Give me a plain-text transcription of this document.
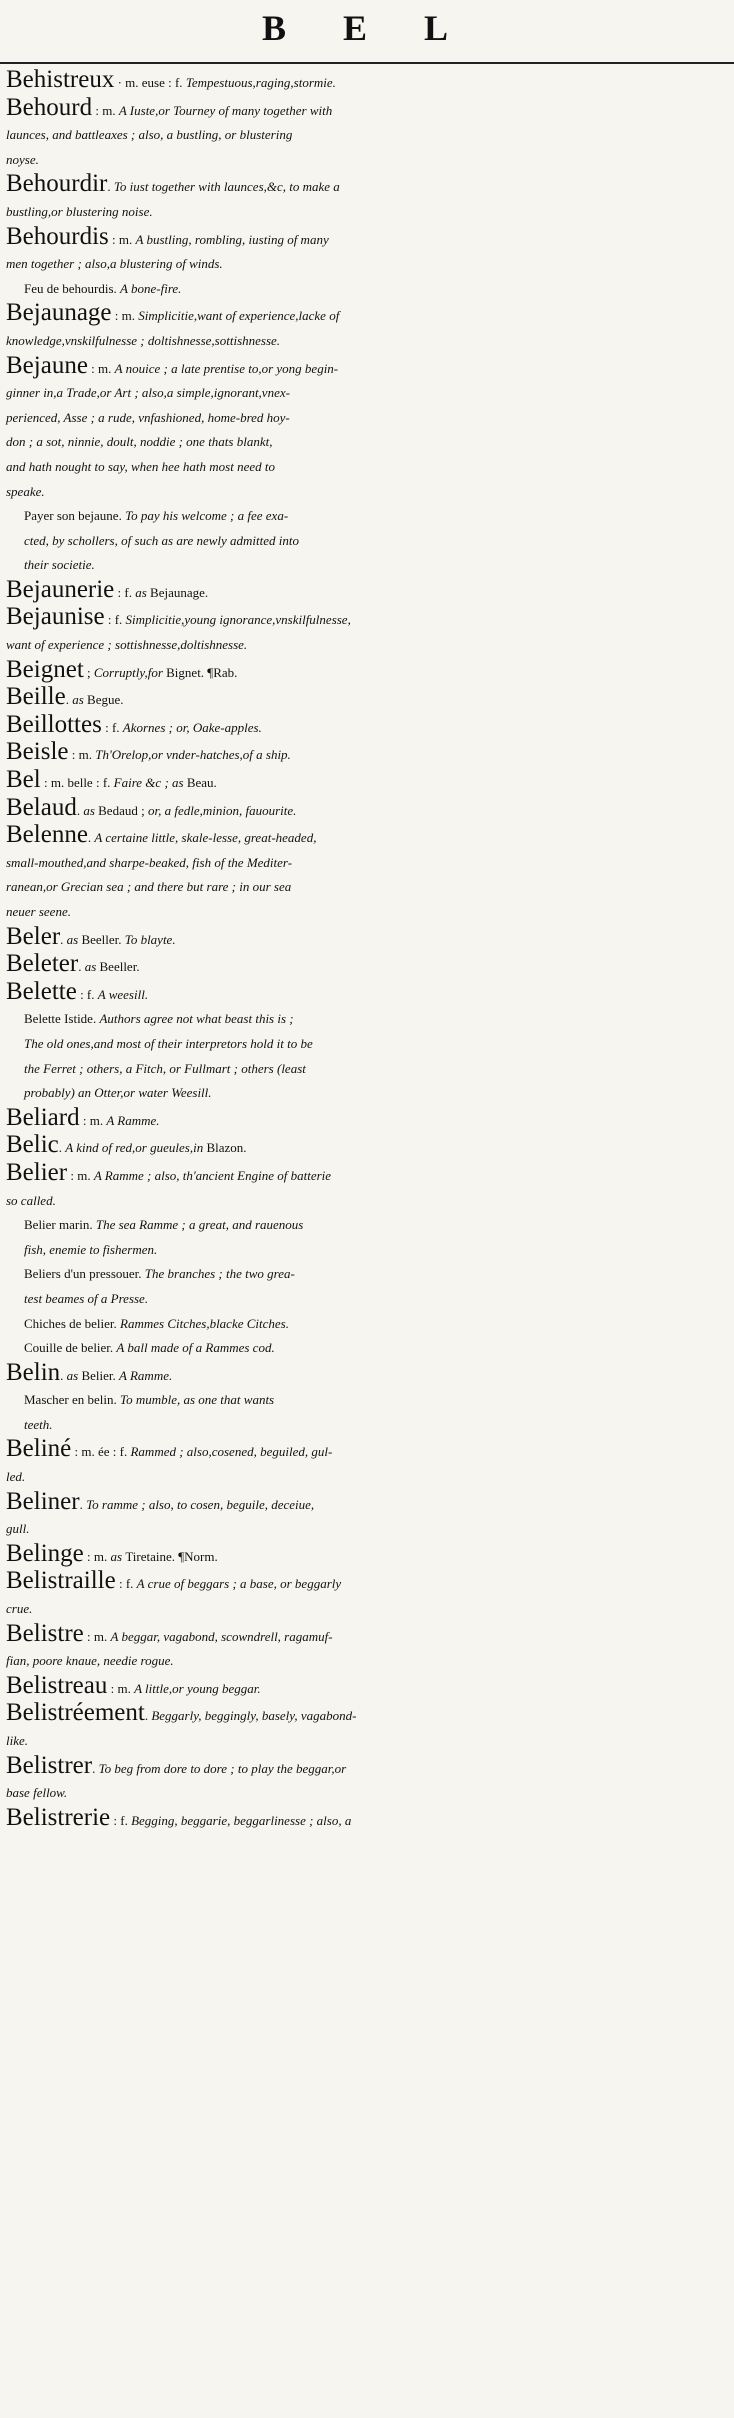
B E L
Behistreux · m. euse : f. Tempestuous,raging,stormie.
Behourd : m. A Iuste,or Tourney of many together with
launces, and battleaxes ; also, a bustling, or blustering
noyse.
Behourdir. To iust together with launces,&c, to make a
bustling,or blustering noise.
Behourdis : m. A bustling, rombling, iusting of many
men together ; also,a blustering of winds.
Feu de behourdis. A bone-fire.
Bejaunage : m. Simplicitie,want of experience,lacke of
knowledge,vnskilfulnesse ; doltishnesse,sottishnesse.
Bejaune : m. A nouice ; a late prentise to,or yong begin-
ginner in,a Trade,or Art ; also,a simple,ignorant,vnex-
perienced, Asse ; a rude, vnfashioned, home-bred hoy-
don ; a sot, ninnie, doult, noddie ; one thats blankt,
and hath nought to say, when hee hath most need to
speake.
Payer son bejaune. To pay his welcome ; a fee exa-
cted, by schollers, of such as are newly admitted into
their societie.
Bejaunerie : f. as Bejaunage.
Bejaunise : f. Simplicitie,young ignorance,vnskilfulnesse,
want of experience ; sottishnesse,doltishnesse.
Beignet ; Corruptly,for Bignet. ¶Rab.
Beille. as Begue.
Beillottes : f. Akornes ; or, Oake-apples.
Beisle : m. Th'Orelop,or vnder-hatches,of a ship.
Bel : m. belle : f. Faire &c ; as Beau.
Belaud. as Bedaud ; or, a fedle,minion, fauourite.
Belenne. A certaine little, skale-lesse, great-headed,
small-mouthed,and sharpe-beaked, fish of the Mediter-
ranean,or Grecian sea ; and there but rare ; in our sea
neuer seene.
Beler. as Beeller. To blayte.
Beleter. as Beeller.
Belette : f. A weesill.
Belette Istide. Authors agree not what beast this is ;
The old ones,and most of their interpretors hold it to be
the Ferret ; others, a Fitch, or Fullmart ; others (least
probably) an Otter,or water Weesill.
Beliard : m. A Ramme.
Belic. A kind of red,or gueules,in Blazon.
Belier : m. A Ramme ; also, th'ancient Engine of batterie
so called.
Belier marin. The sea Ramme ; a great, and rauenous
fish, enemie to fishermen.
Beliers d'un pressouer. The branches ; the two grea-
test beames of a Presse.
Chiches de belier. Rammes Citches,blacke Citches.
Couille de belier. A ball made of a Rammes cod.
Belin. as Belier. A Ramme.
Mascher en belin. To mumble, as one that wants
teeth.
Beliné : m. ée : f. Rammed ; also,cosened, beguiled, gul-
led.
Beliner. To ramme ; also, to cosen, beguile, deceiue,
gull.
Belinge : m. as Tiretaine. ¶Norm.
Belistraille : f. A crue of beggars ; a base, or beggarly
crue.
Belistre : m. A beggar, vagabond, scowndrell, ragamuf-
fian, poore knaue, needie rogue.
Belistreau : m. A little,or young beggar.
Belistréement. Beggarly, beggingly, basely, vagabond-
like.
Belistrer. To beg from dore to dore ; to play the beggar,or
base fellow.
Belistrerie : f. Begging, beggarie, beggarlinesse ; also, a
